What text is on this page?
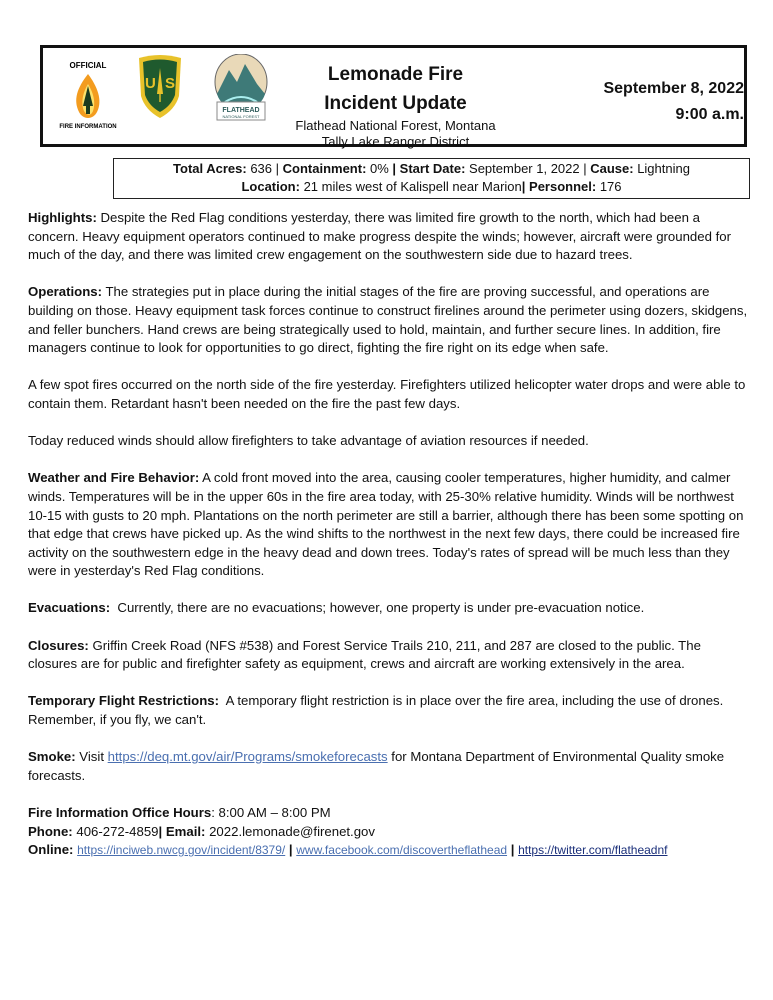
OFFICIAL
FIRE INFORMATION
U S
FLATHEAD
NATIONAL FOREST
Lemonade Fire
Incident Update
Flathead National Forest, Montana
Tally Lake Ranger District
September 8, 2022
9:00 a.m.
Total Acres: 636 | Containment: 0% | Start Date: September 1, 2022 | Cause: Lightning
Location: 21 miles west of Kalispell near Marion| Personnel: 176

Highlights: Despite the Red Flag conditions yesterday, there was limited fire growth to the north, which had been a concern. Heavy equipment operators continued to make progress despite the winds; however, aircraft were grounded for much of the day, and there was limited crew engagement on the southwestern side due to hazard trees.

Operations: The strategies put in place during the initial stages of the fire are proving successful, and operations are building on those. Heavy equipment task forces continue to construct firelines around the perimeter using dozers, skidgens, and feller bunchers. Hand crews are being strategically used to hold, maintain, and further secure lines. In addition, fire managers continue to look for opportunities to go direct, fighting the fire right on its edge when safe.

A few spot fires occurred on the north side of the fire yesterday. Firefighters utilized helicopter water drops and were able to contain them. Retardant hasn't been needed on the fire the past few days.

Today reduced winds should allow firefighters to take advantage of aviation resources if needed.

Weather and Fire Behavior: A cold front moved into the area, causing cooler temperatures, higher humidity, and calmer winds. Temperatures will be in the upper 60s in the fire area today, with 25-30% relative humidity. Winds will be northwest 10-15 with gusts to 20 mph. Plantations on the north perimeter are still a barrier, although there has been some spotting on that edge that crews have picked up. As the wind shifts to the northwest in the next few days, there could be increased fire activity on the southwestern edge in the heavy dead and down trees. Today's rates of spread will be much less than they were in yesterday's Red Flag conditions.

Evacuations:  Currently, there are no evacuations; however, one property is under pre-evacuation notice.

Closures: Griffin Creek Road (NFS #538) and Forest Service Trails 210, 211, and 287 are closed to the public. The closures are for public and firefighter safety as equipment, crews and aircraft are working extensively in the area.

Temporary Flight Restrictions:  A temporary flight restriction is in place over the fire area, including the use of drones. Remember, if you fly, we can't.

Smoke: Visit https://deq.mt.gov/air/Programs/smokeforecasts for Montana Department of Environmental Quality smoke forecasts.

Fire Information Office Hours: 8:00 AM – 8:00 PM

Phone: 406-272-4859| Email: 2022.lemonade@firenet.gov

Online: https://inciweb.nwcg.gov/incident/8379/ | www.facebook.com/discovertheflathead | https://twitter.com/flatheadnf
